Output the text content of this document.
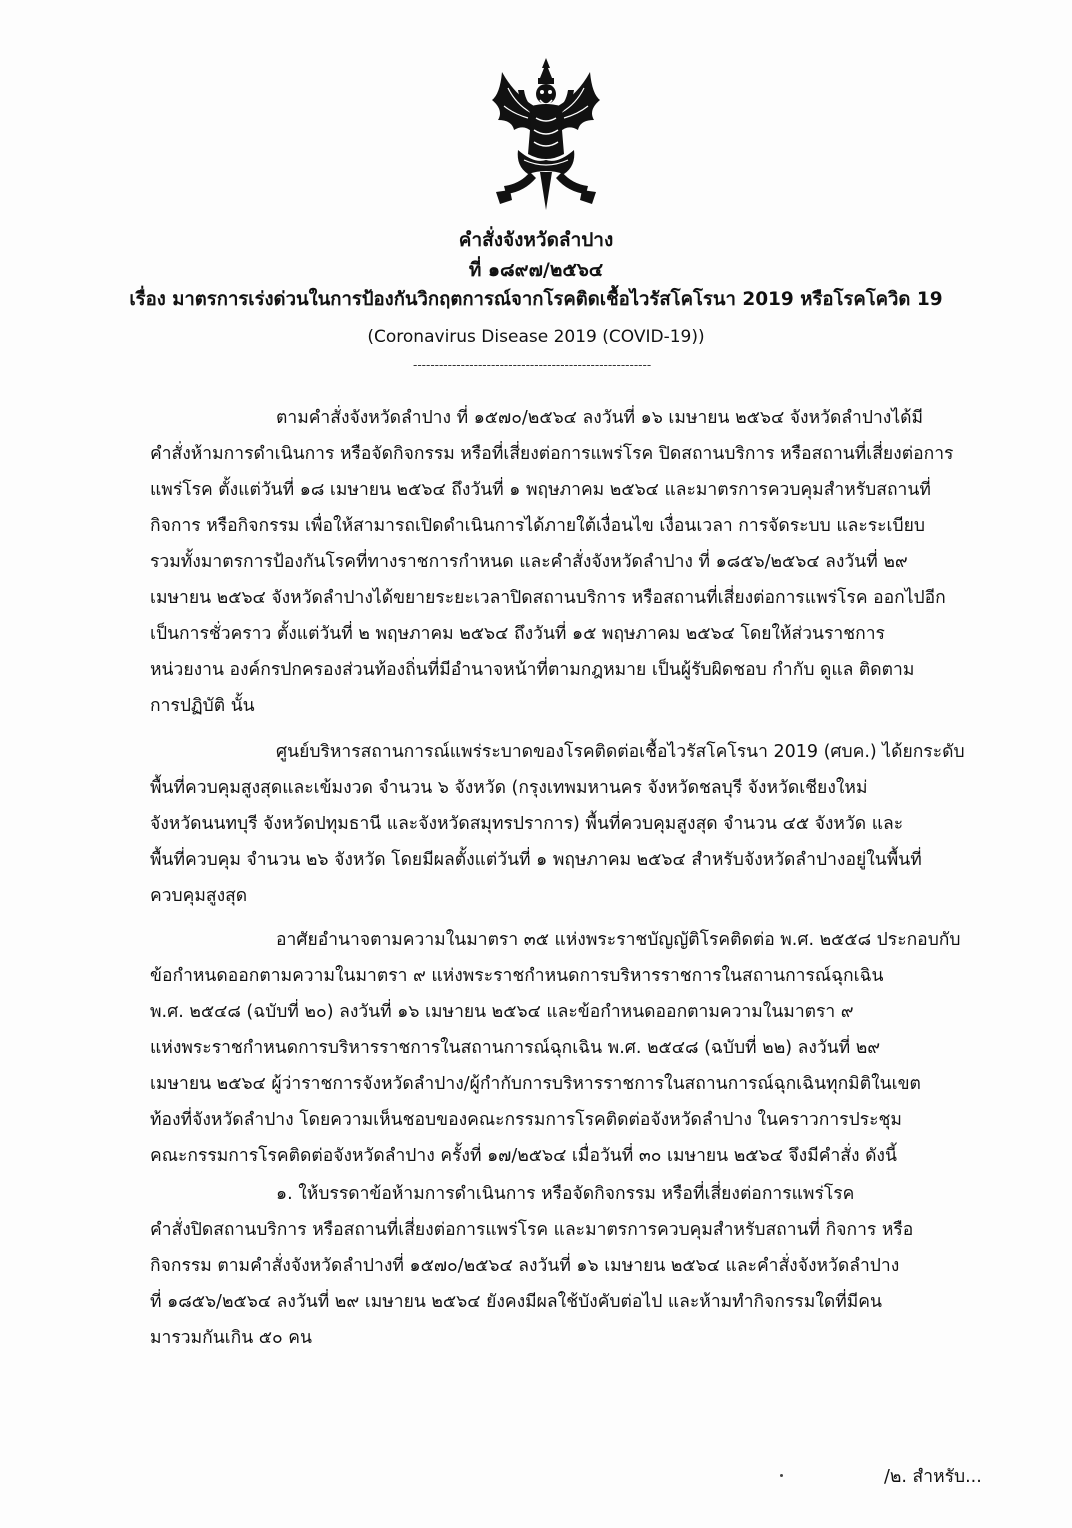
คำสั่งจังหวัดลำปาง
ที่ ๑๘๙๗/๒๕๖๔
เรื่อง มาตรการเร่งด่วนในการป้องกันวิกฤตการณ์จากโรคติดเชื้อไวรัสโคโรนา 2019 หรือโรคโควิด 19
(Coronavirus Disease 2019 (COVID-19))
-------------------------------------------------------
ตามคำสั่งจังหวัดลำปาง ที่ ๑๕๗๐/๒๕๖๔ ลงวันที่ ๑๖ เมษายน ๒๕๖๔ จังหวัดลำปางได้มี
คำสั่งห้ามการดำเนินการ หรือจัดกิจกรรม หรือที่เสี่ยงต่อการแพร่โรค ปิดสถานบริการ หรือสถานที่เสี่ยงต่อการ
แพร่โรค ตั้งแต่วันที่ ๑๘ เมษายน ๒๕๖๔ ถึงวันที่ ๑ พฤษภาคม ๒๕๖๔ และมาตรการควบคุมสำหรับสถานที่
กิจการ หรือกิจกรรม เพื่อให้สามารถเปิดดำเนินการได้ภายใต้เงื่อนไข เงื่อนเวลา การจัดระบบ และระเบียบ
รวมทั้งมาตรการป้องกันโรคที่ทางราชการกำหนด และคำสั่งจังหวัดลำปาง ที่ ๑๘๕๖/๒๕๖๔ ลงวันที่ ๒๙
เมษายน ๒๕๖๔ จังหวัดลำปางได้ขยายระยะเวลาปิดสถานบริการ หรือสถานที่เสี่ยงต่อการแพร่โรค ออกไปอีก
เป็นการชั่วคราว ตั้งแต่วันที่ ๒ พฤษภาคม ๒๕๖๔ ถึงวันที่ ๑๕ พฤษภาคม ๒๕๖๔ โดยให้ส่วนราชการ
หน่วยงาน องค์กรปกครองส่วนท้องถิ่นที่มีอำนาจหน้าที่ตามกฎหมาย เป็นผู้รับผิดชอบ กำกับ ดูแล ติดตาม
การปฏิบัติ นั้น
ศูนย์บริหารสถานการณ์แพร่ระบาดของโรคติดต่อเชื้อไวรัสโคโรนา 2019 (ศบค.) ได้ยกระดับ
พื้นที่ควบคุมสูงสุดและเข้มงวด จำนวน ๖ จังหวัด (กรุงเทพมหานคร จังหวัดชลบุรี จังหวัดเชียงใหม่
จังหวัดนนทบุรี จังหวัดปทุมธานี และจังหวัดสมุทรปราการ) พื้นที่ควบคุมสูงสุด จำนวน ๔๕ จังหวัด และ
พื้นที่ควบคุม จำนวน ๒๖ จังหวัด โดยมีผลตั้งแต่วันที่ ๑ พฤษภาคม ๒๕๖๔ สำหรับจังหวัดลำปางอยู่ในพื้นที่
ควบคุมสูงสุด
อาศัยอำนาจตามความในมาตรา ๓๕ แห่งพระราชบัญญัติโรคติดต่อ พ.ศ. ๒๕๕๘ ประกอบกับ
ข้อกำหนดออกตามความในมาตรา ๙ แห่งพระราชกำหนดการบริหารราชการในสถานการณ์ฉุกเฉิน
พ.ศ. ๒๕๔๘ (ฉบับที่ ๒๐) ลงวันที่ ๑๖ เมษายน ๒๕๖๔ และข้อกำหนดออกตามความในมาตรา ๙
แห่งพระราชกำหนดการบริหารราชการในสถานการณ์ฉุกเฉิน พ.ศ. ๒๕๔๘ (ฉบับที่ ๒๒) ลงวันที่ ๒๙
เมษายน ๒๕๖๔ ผู้ว่าราชการจังหวัดลำปาง/ผู้กำกับการบริหารราชการในสถานการณ์ฉุกเฉินทุกมิติในเขต
ท้องที่จังหวัดลำปาง โดยความเห็นชอบของคณะกรรมการโรคติดต่อจังหวัดลำปาง ในคราวการประชุม
คณะกรรมการโรคติดต่อจังหวัดลำปาง ครั้งที่ ๑๗/๒๕๖๔ เมื่อวันที่ ๓๐ เมษายน ๒๕๖๔ จึงมีคำสั่ง ดังนี้
๑. ให้บรรดาข้อห้ามการดำเนินการ หรือจัดกิจกรรม หรือที่เสี่ยงต่อการแพร่โรค
คำสั่งปิดสถานบริการ หรือสถานที่เสี่ยงต่อการแพร่โรค และมาตรการควบคุมสำหรับสถานที่ กิจการ หรือ
กิจกรรม ตามคำสั่งจังหวัดลำปางที่ ๑๕๗๐/๒๕๖๔ ลงวันที่ ๑๖ เมษายน ๒๕๖๔ และคำสั่งจังหวัดลำปาง
ที่ ๑๘๕๖/๒๕๖๔ ลงวันที่ ๒๙ เมษายน ๒๕๖๔ ยังคงมีผลใช้บังคับต่อไป และห้ามทำกิจกรรมใดที่มีคน
มารวมกันเกิน ๕๐ คน
/๒. สำหรับ...
